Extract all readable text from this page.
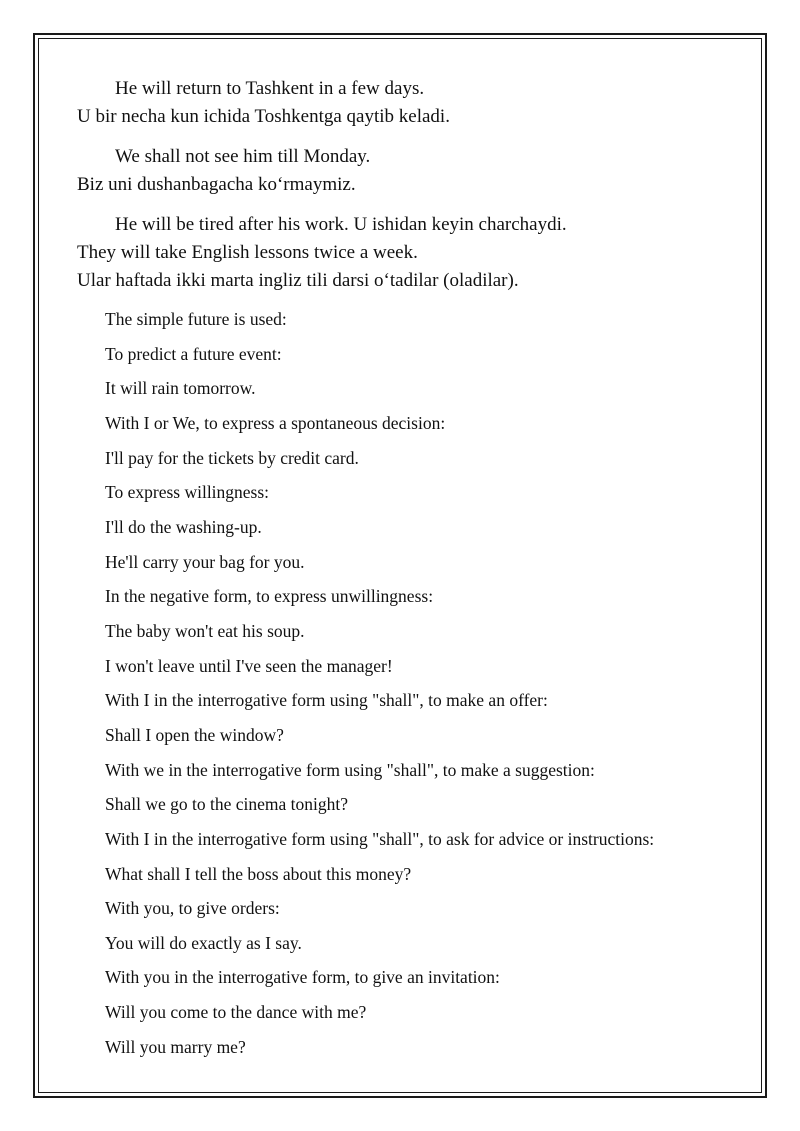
He will return to Tashkent in a few days.
U bir necha kun ichida Toshkentga qaytib keladi.
We shall not see him till Monday.
Biz uni dushanbagacha ko‘rmaymiz.
He will be tired after his work. U ishidan keyin charchaydi.
They will take English lessons twice a week.
Ular haftada ikki marta ingliz tili darsi o‘tadilar (oladilar).
The simple future is used:
To predict a future event:
It will rain tomorrow.
With I or We, to express a spontaneous decision:
I'll pay for the tickets by credit card.
To express willingness:
I'll do the washing-up.
He'll carry your bag for you.
In the negative form, to express unwillingness:
The baby won't eat his soup.
I won't leave until I've seen the manager!
With I in the interrogative form using "shall", to make an offer:
Shall I open the window?
With we in the interrogative form using "shall", to make a suggestion:
Shall we go to the cinema tonight?
With I in the interrogative form using "shall", to ask for advice or instructions:
What shall I tell the boss about this money?
With you, to give orders:
You will do exactly as I say.
With you in the interrogative form, to give an invitation:
Will you come to the dance with me?
Will you marry me?
